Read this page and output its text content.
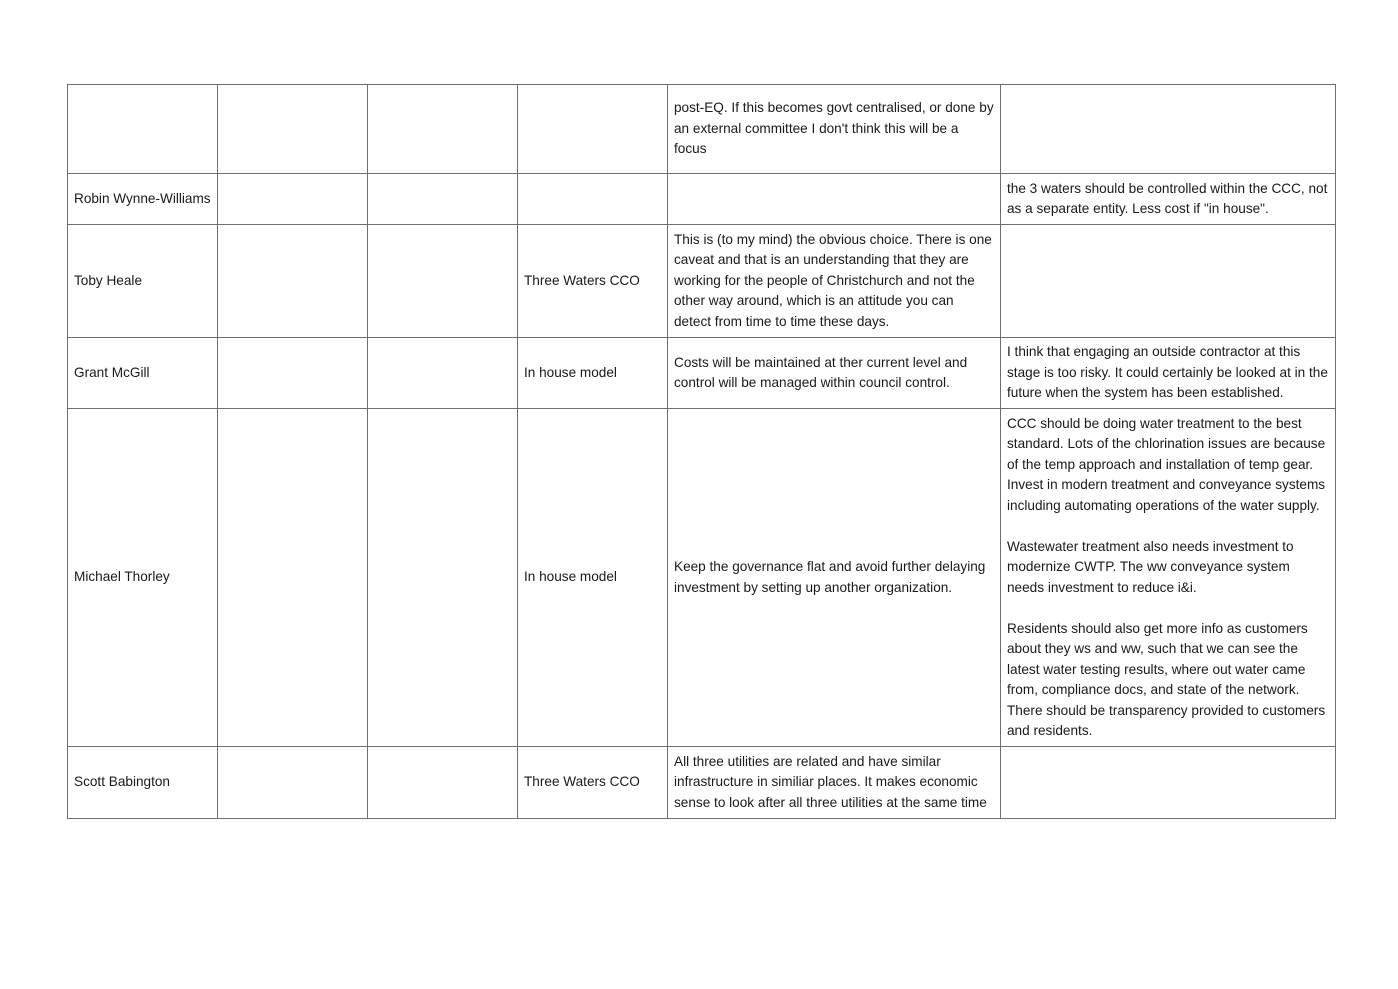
				post-EQ. If this becomes govt centralised, or done by an external committee I don't think this will be a focus	
Robin Wynne-Williams					the 3 waters should be controlled within the CCC, not as a separate entity. Less cost if "in house".
Toby Heale			Three Waters CCO	This is (to my mind) the obvious choice. There is one caveat and that is an understanding that they are working for the people of Christchurch and not the other way around, which is an attitude you can detect from time to time these days.	
Grant McGill			In house model	Costs will be maintained at ther current level and control will be managed within council control.	I think that engaging an outside contractor at this stage is too risky. It could certainly be looked at in the future when the system has been established.
Michael Thorley			In house model	Keep the governance flat and avoid further delaying investment by setting up another organization.	CCC should be doing water treatment to the best standard. Lots of the chlorination issues are because of the temp approach and installation of temp gear. Invest in modern treatment and conveyance systems including automating operations of the water supply.

Wastewater treatment also needs investment to modernize CWTP. The ww conveyance system needs investment to reduce i&i.

Residents should also get more info as customers about they ws and ww, such that we can see the latest water testing results, where out water came from, compliance docs, and state of the network. There should be transparency provided to customers and residents.
Scott Babington			Three Waters CCO	All three utilities are related and have similar infrastructure in similiar places. It makes economic sense to look after all three utilities at the same time	
